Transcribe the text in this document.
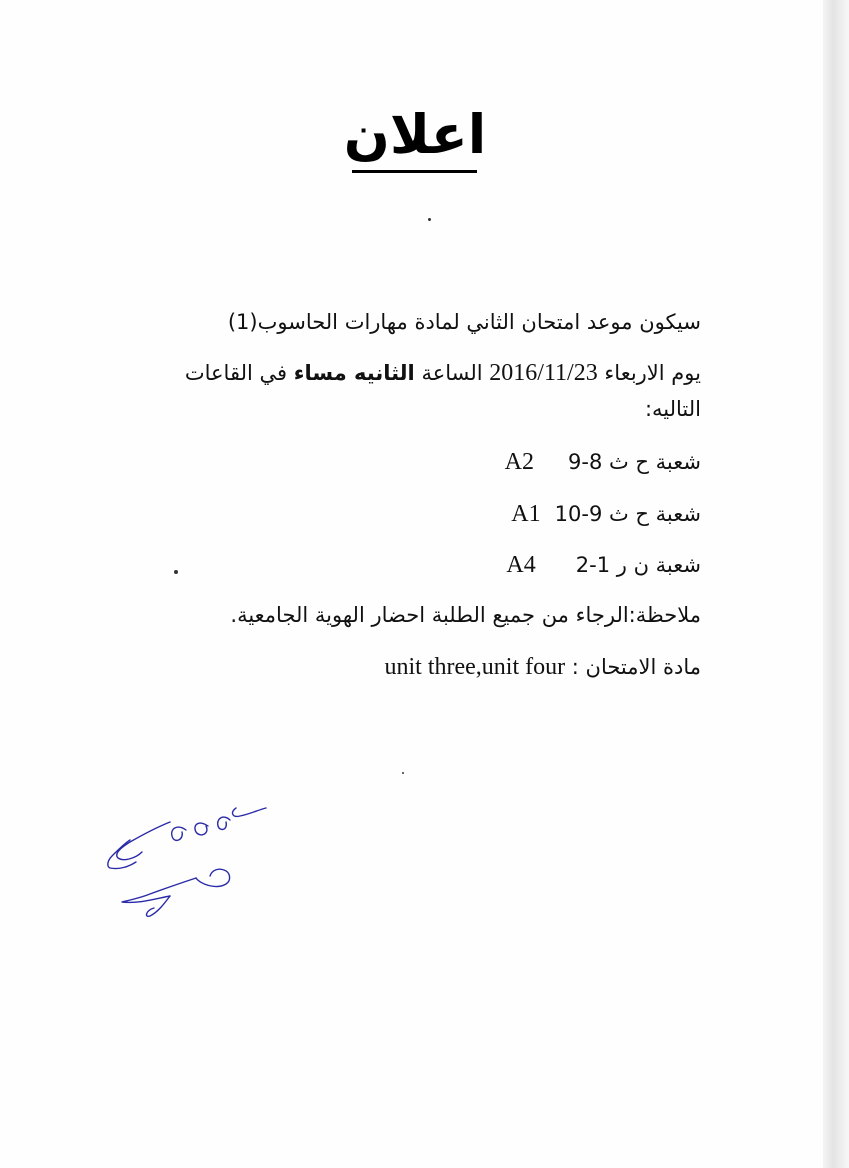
اعلان
سيكون موعد امتحان الثاني لمادة مهارات الحاسوب(1)
يوم الاربعاء 2016/11/23 الساعة الثانيه مساء في القاعات
التاليه:
شعبة ح ث 8-9A2
شعبة ح ث 9-10A1
شعبة ن ر 1-2A4
ملاحظة:الرجاء من جميع الطلبة احضار الهوية الجامعية.
مادة الامتحان : unit three,unit four
